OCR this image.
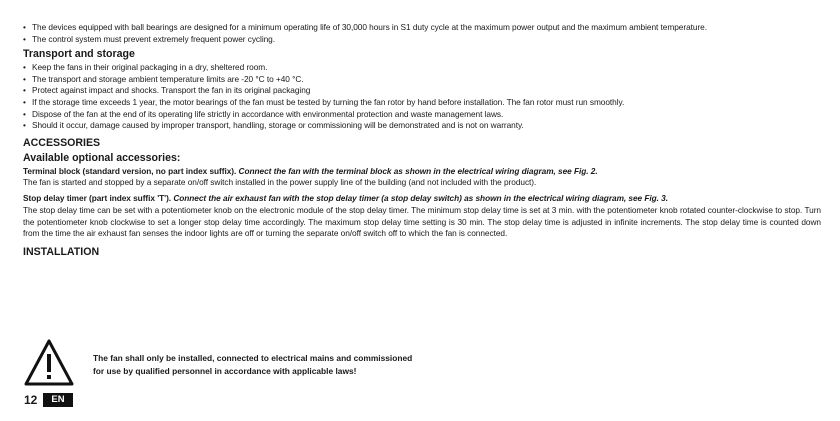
• The devices equipped with ball bearings are designed for a minimum operating life of 30,000 hours in S1 duty cycle at the maximum power output and the maximum ambient temperature.
• The control system must prevent extremely frequent power cycling.
Transport and storage
• Keep the fans in their original packaging in a dry, sheltered room.
• The transport and storage ambient temperature limits are -20 °C to +40 °C.
• Protect against impact and shocks. Transport the fan in its original packaging
• If the storage time exceeds 1 year, the motor bearings of the fan must be tested by turning the fan rotor by hand before installation. The fan rotor must run smoothly.
• Dispose of the fan at the end of its operating life strictly in accordance with environmental protection and waste management laws.
• Should it occur, damage caused by improper transport, handling, storage or commissioning will be demonstrated and is not on warranty.
ACCESSORIES
Available optional accessories:

Terminal block (standard version, no part index suffix). Connect the fan with the terminal block as shown in the electrical wiring diagram, see Fig. 2.

The fan is started and stopped by a separate on/off switch installed in the power supply line of the building (and not included with the product).

Stop delay timer (part index suffix 'T'). Connect the air exhaust fan with the stop delay timer (a stop delay switch) as shown in the electrical wiring diagram, see Fig. 3.

The stop delay time can be set with a potentiometer knob on the electronic module of the stop delay timer. The minimum stop delay time is set at 3 min. with the potentiometer knob rotated counter-clockwise to stop. Turn the potentiometer knob clockwise to set a longer stop delay time accordingly. The maximum stop delay time setting is 30 min. The stop delay time is adjusted in infinite increments. The stop delay time is counted down from the time the air exhaust fan senses the indoor lights are off or turning the separate on/off switch off to which the fan is connected.

INSTALLATION
The fan shall only be installed, connected to electrical mains and commissioned
for use by qualified personnel in accordance with applicable laws!
12	EN
